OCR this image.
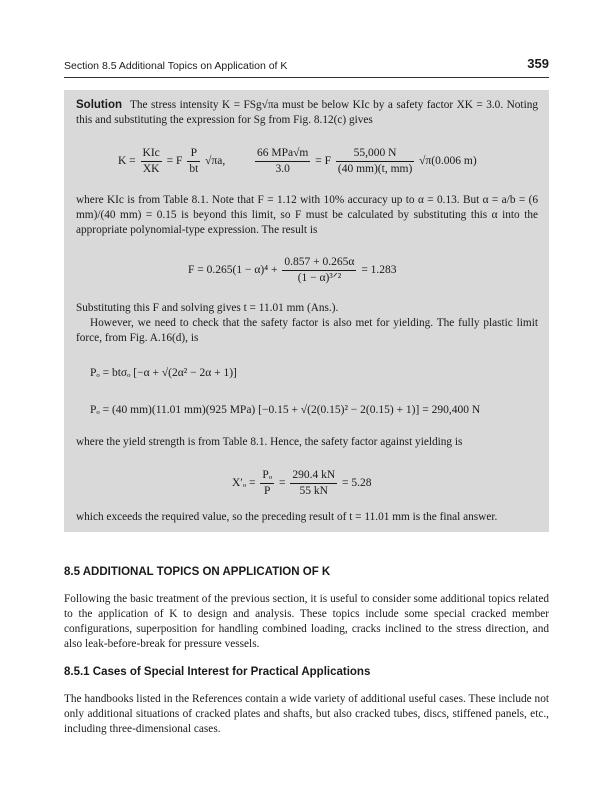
Section 8.5 Additional Topics on Application of K	359
Solution The stress intensity K = FSg√πa must be below KIc by a safety factor XK = 3.0. Noting this and substituting the expression for Sg from Fig. 8.12(c) gives
$K = \frac{\text{KIc}}{XK} = F \frac{P}{bt} √\pi a$,	$\frac{\text{66 MPa√m}}{3.0} = F \frac{55,000 N}{(40 mm)(t, mm)} √\pi(0.006$ m)
where KIc is from Table 8.1. Note that F = 1.12 with 10% accuracy up to α = 0.13. But α = a/b = (6 mm)/(40 mm) = 0.15 is beyond this limit, so F must be calculated by substituting this α into the appropriate polynomial-type expression. The result is
$F = 0.265(1 - \alpha)^4 + \frac{0.857 + 0.265\alpha}{\text{(1 − α)³ᐟ²}} = 1.283$
Substituting this F and solving gives t = 11.01 mm (Ans.).
However, we need to check that the safety factor is also met for yielding. The fully plastic limit force, from Fig. A.16(d), is
Pₒ = btσₒ [−α + √(2α² − 2α + 1)]
Pₒ = (40 mm)(11.01 mm)(925 MPa) [−0.15 + √(2(0.15)² − 2(0.15) + 1)] = 290,400 N
where the yield strength is from Table 8.1. Hence, the safety factor against yielding is
$X'_o = \frac{\text{Pₒ}}{P} = \frac{290.4 kN}{55 kN} = 5.28$
which exceeds the required value, so the preceding result of t = 11.01 mm is the final answer.
8.5 ADDITIONAL TOPICS ON APPLICATION OF K
Following the basic treatment of the previous section, it is useful to consider some additional topics related to the application of K to design and analysis. These topics include some special cracked member configurations, superposition for handling combined loading, cracks inclined to the stress direction, and also leak-before-break for pressure vessels.
8.5.1 Cases of Special Interest for Practical Applications
The handbooks listed in the References contain a wide variety of additional useful cases. These include not only additional situations of cracked plates and shafts, but also cracked tubes, discs, stiffened panels, etc., including three-dimensional cases.
